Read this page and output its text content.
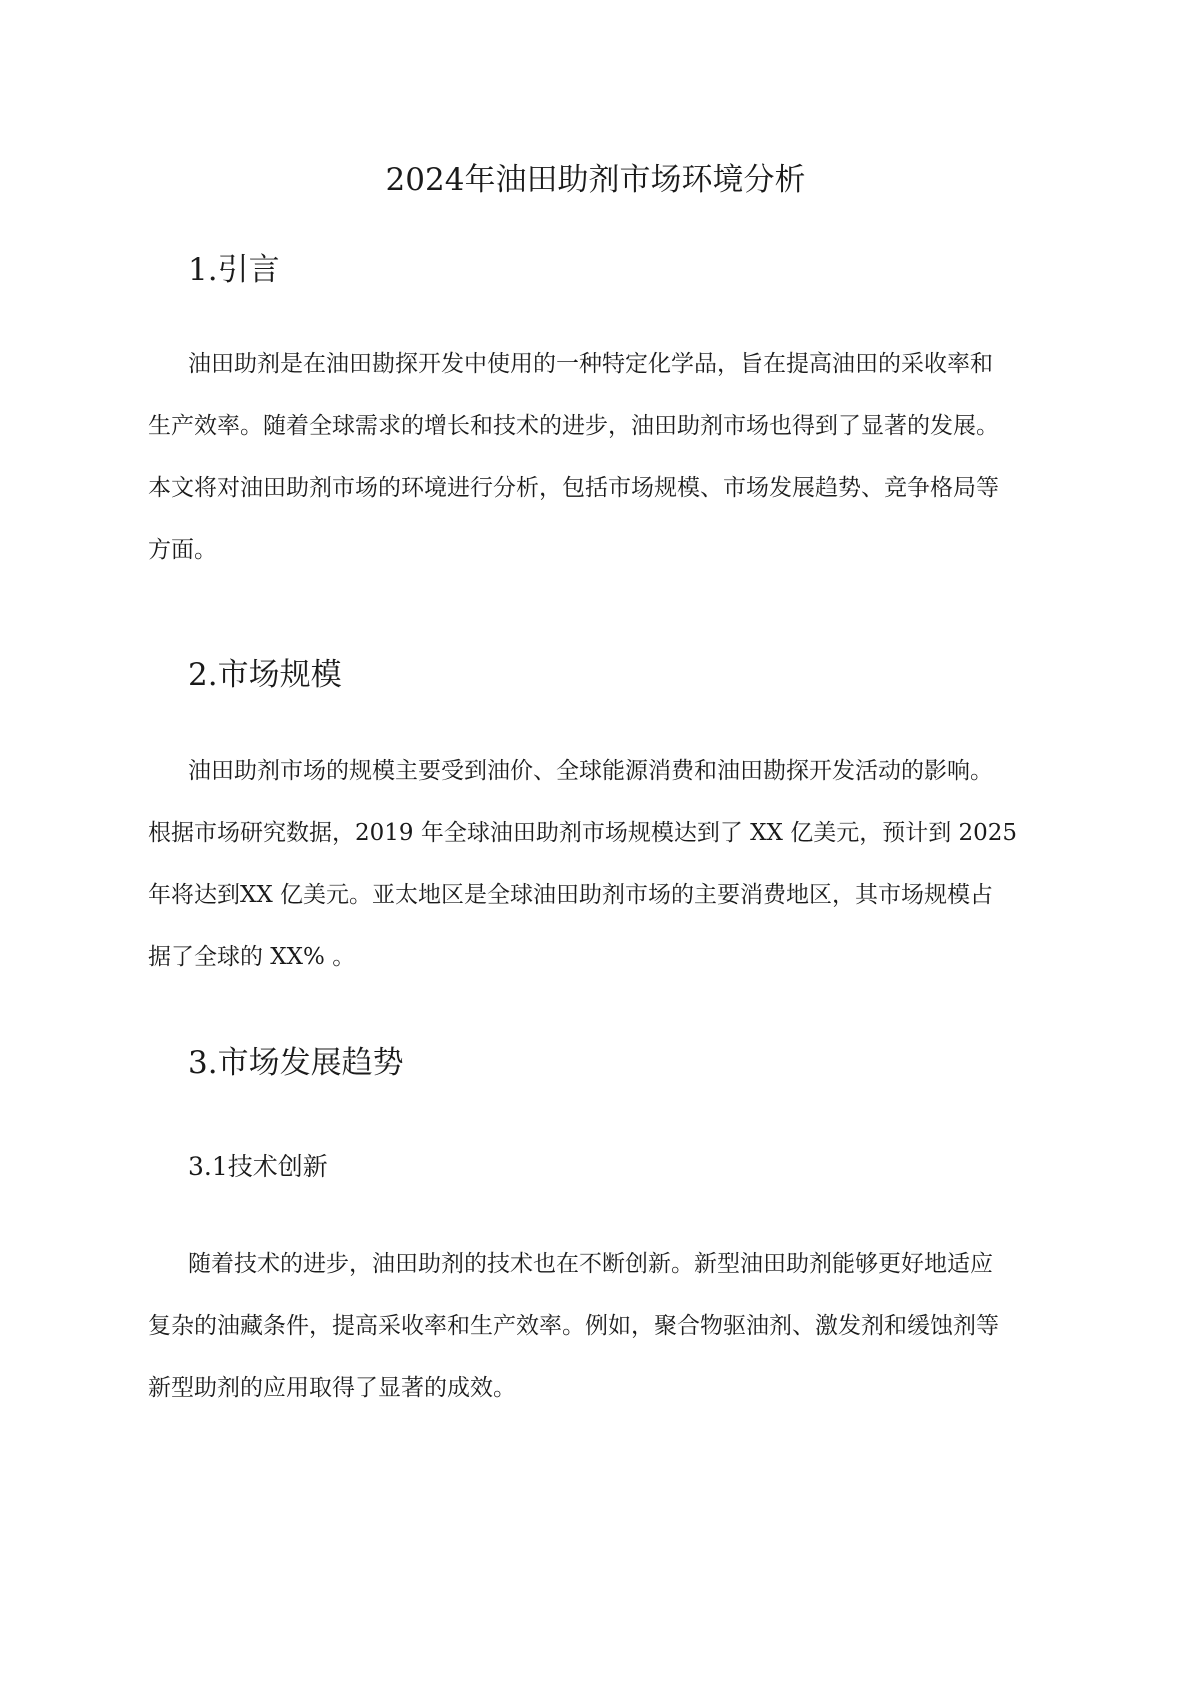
2024年油田助剂市场环境分析
1.引言
油田助剂是在油田勘探开发中使用的一种特定化学品，旨在提高油田的采收率和
生产效率。随着全球需求的增长和技术的进步，油田助剂市场也得到了显著的发展。
本文将对油田助剂市场的环境进行分析，包括市场规模、市场发展趋势、竞争格局等
方面。
2.市场规模
油田助剂市场的规模主要受到油价、全球能源消费和油田勘探开发活动的影响。
根据市场研究数据，2019 年全球油田助剂市场规模达到了 XX 亿美元，预计到 2025
年将达到XX 亿美元。亚太地区是全球油田助剂市场的主要消费地区，其市场规模占
据了全球的 XX% 。
3.市场发展趋势
3.1技术创新
随着技术的进步，油田助剂的技术也在不断创新。新型油田助剂能够更好地适应
复杂的油藏条件，提高采收率和生产效率。例如，聚合物驱油剂、激发剂和缓蚀剂等
新型助剂的应用取得了显著的成效。
